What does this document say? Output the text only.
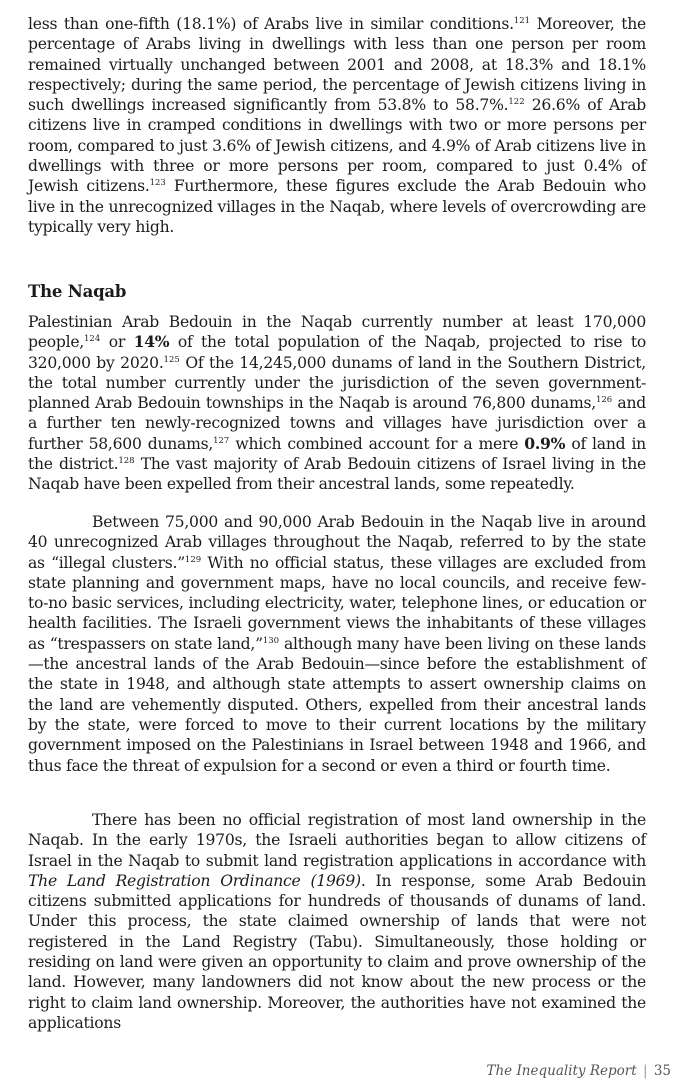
less than one-fifth (18.1%) of Arabs live in similar conditions.$^{121}$ Moreover, the percentage of Arabs living in dwellings with less than one person per room remained virtually unchanged between 2001 and 2008, at 18.3% and 18.1% respectively; during the same period, the percentage of Jewish citizens living in such dwellings increased significantly from 53.8% to 58.7%.$^{122}$ 26.6% of Arab citizens live in cramped conditions in dwellings with two or more persons per room, compared to just 3.6% of Jewish citizens, and 4.9% of Arab citizens live in dwellings with three or more persons per room, compared to just 0.4% of Jewish citizens.$^{123}$ Furthermore, these figures exclude the Arab Bedouin who live in the unrecognized villages in the Naqab, where levels of overcrowding are typically very high.

The Naqab

Palestinian Arab Bedouin in the Naqab currently number at least 170,000 people,$^{124}$ or 14% of the total population of the Naqab, projected to rise to 320,000 by 2020.$^{125}$ Of the 14,245,000 dunams of land in the Southern District, the total number currently under the jurisdiction of the seven government-planned Arab Bedouin townships in the Naqab is around 76,800 dunams,$^{126}$ and a further ten newly-recognized towns and villages have jurisdiction over a further 58,600 dunams,$^{127}$ which combined account for a mere 0.9% of land in the district.$^{128}$ The vast majority of Arab Bedouin citizens of Israel living in the Naqab have been expelled from their ancestral lands, some repeatedly.

Between 75,000 and 90,000 Arab Bedouin in the Naqab live in around 40 unrecognized Arab villages throughout the Naqab, referred to by the state as “illegal clusters.”$^{129}$ With no official status, these villages are excluded from state planning and government maps, have no local councils, and receive few-to-no basic services, including electricity, water, telephone lines, or education or health facilities. The Israeli government views the inhabitants of these villages as “trespassers on state land,”$^{130}$ although many have been living on these lands—the ancestral lands of the Arab Bedouin—since before the establishment of the state in 1948, and although state attempts to assert ownership claims on the land are vehemently disputed. Others, expelled from their ancestral lands by the state, were forced to move to their current locations by the military government imposed on the Palestinians in Israel between 1948 and 1966, and thus face the threat of expulsion for a second or even a third or fourth time.

There has been no official registration of most land ownership in the Naqab. In the early 1970s, the Israeli authorities began to allow citizens of Israel in the Naqab to submit land registration applications in accordance with The Land Registration Ordinance (1969). In response, some Arab Bedouin citizens submitted applications for hundreds of thousands of dunams of land. Under this process, the state claimed ownership of lands that were not registered in the Land Registry (Tabu). Simultaneously, those holding or residing on land were given an opportunity to claim and prove ownership of the land. However, many landowners did not know about the new process or the right to claim land ownership. Moreover, the authorities have not examined the applications

The Inequality Report | 35
